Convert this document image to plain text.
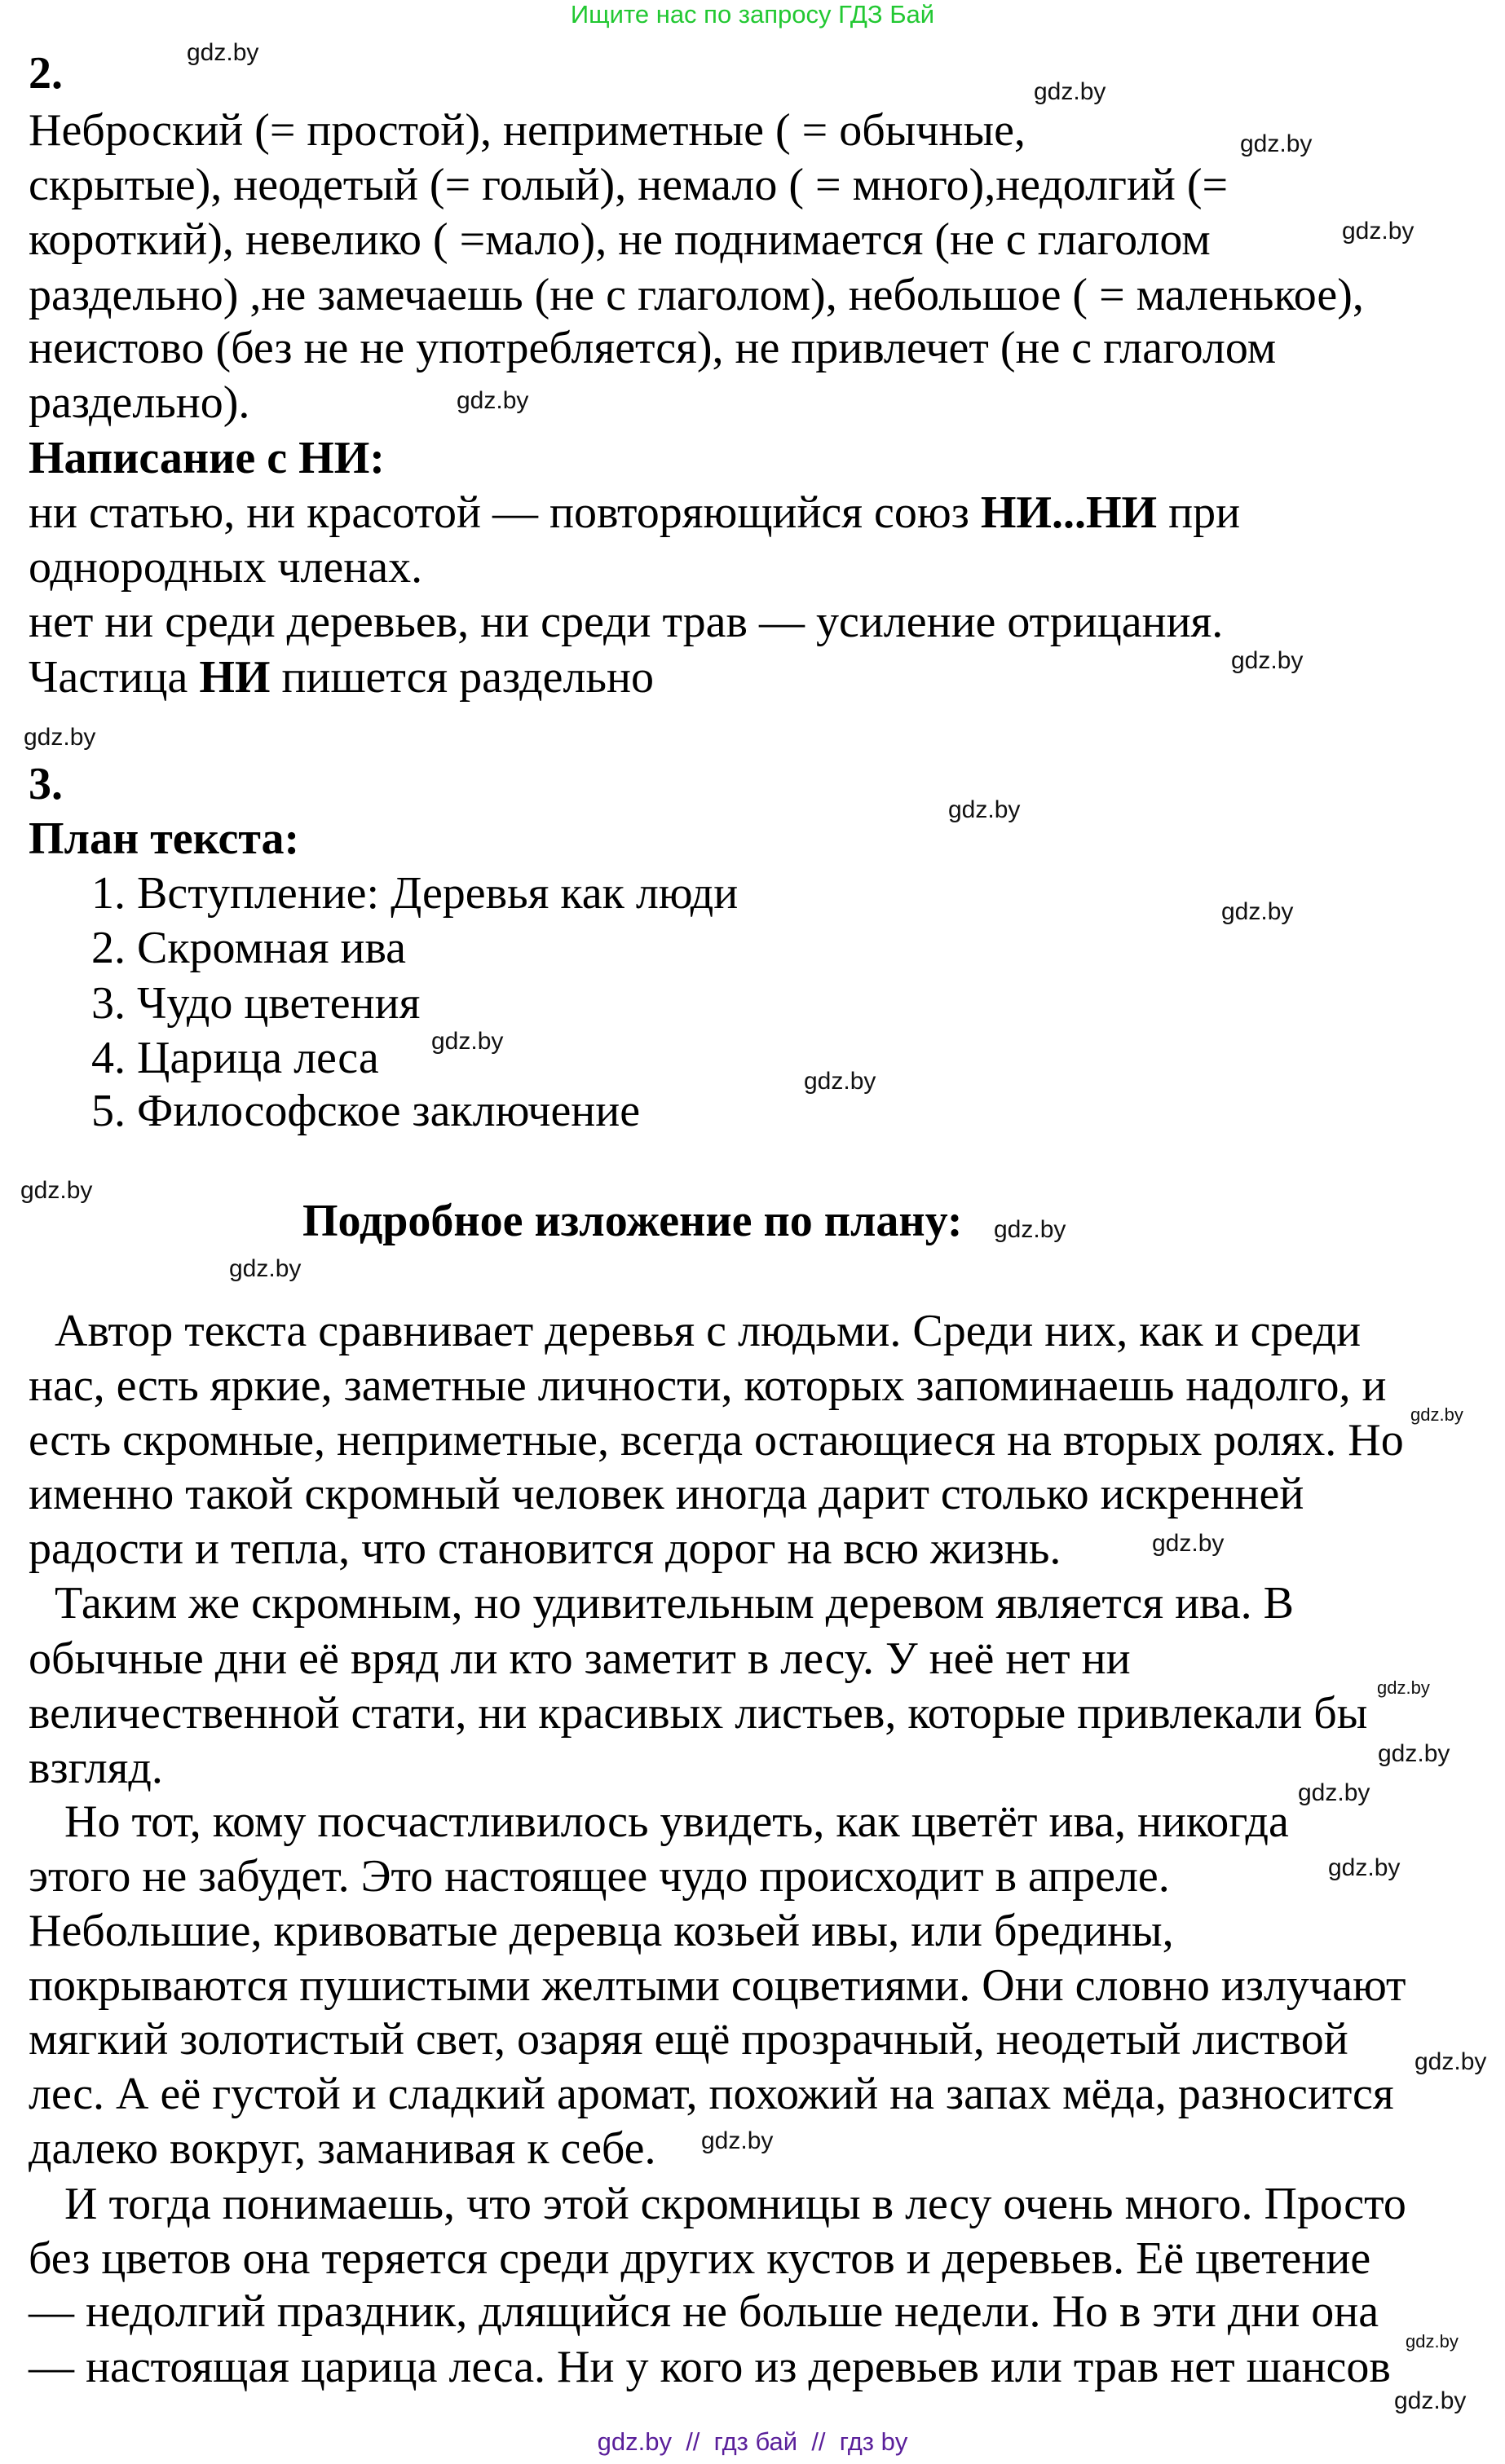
Ищите нас по запросу ГДЗ Бай
2.
Неброский (= простой), неприметные ( = обычные,
скрытые), неодетый (= голый), немало ( = много),недолгий (=
короткий), невелико ( =мало), не поднимается (не с глаголом
раздельно) ,не замечаешь (не с глаголом), небольшое ( = маленькое),
неистово (без не не употребляется), не привлечет (не с глаголом
раздельно).
Написание с НИ:
ни статью, ни красотой — повторяющийся союз НИ...НИ при
однородных членах.
нет ни среди деревьев, ни среди трав — усиление отрицания.
Частица НИ пишется раздельно
3.
План текста:
1. Вступление: Деревья как люди
2. Скромная ива
3. Чудо цветения
4. Царица леса
5. Философское заключение
Подробное изложение по плану:
Автор текста сравнивает деревья с людьми. Среди них, как и среди
нас, есть яркие, заметные личности, которых запоминаешь надолго, и
есть скромные, неприметные, всегда остающиеся на вторых ролях. Но
именно такой скромный человек иногда дарит столько искренней
радости и тепла, что становится дорог на всю жизнь.
Таким же скромным, но удивительным деревом является ива. В
обычные дни её вряд ли кто заметит в лесу. У неё нет ни
величественной стати, ни красивых листьев, которые привлекали бы
взгляд.
Но тот, кому посчастливилось увидеть, как цветёт ива, никогда
этого не забудет. Это настоящее чудо происходит в апреле.
Небольшие, кривоватые деревца козьей ивы, или бредины,
покрываются пушистыми желтыми соцветиями. Они словно излучают
мягкий золотистый свет, озаряя ещё прозрачный, неодетый листвой
лес. А её густой и сладкий аромат, похожий на запах мёда, разносится
далеко вокруг, заманивая к себе.
И тогда понимаешь, что этой скромницы в лесу очень много. Просто
без цветов она теряется среди других кустов и деревьев. Её цветение
— недолгий праздник, длящийся не больше недели. Но в эти дни она
— настоящая царица леса. Ни у кого из деревьев или трав нет шансов
gdz.by
gdz.by
gdz.by
gdz.by
gdz.by
gdz.by
gdz.by
gdz.by
gdz.by
gdz.by
gdz.by
gdz.by
gdz.by
gdz.by
gdz.by
gdz.by
gdz.by
gdz.by
gdz.by
gdz.by
gdz.by
gdz.by
gdz.by
gdz.by
gdz.by  //  гдз бай  //  гдз by
